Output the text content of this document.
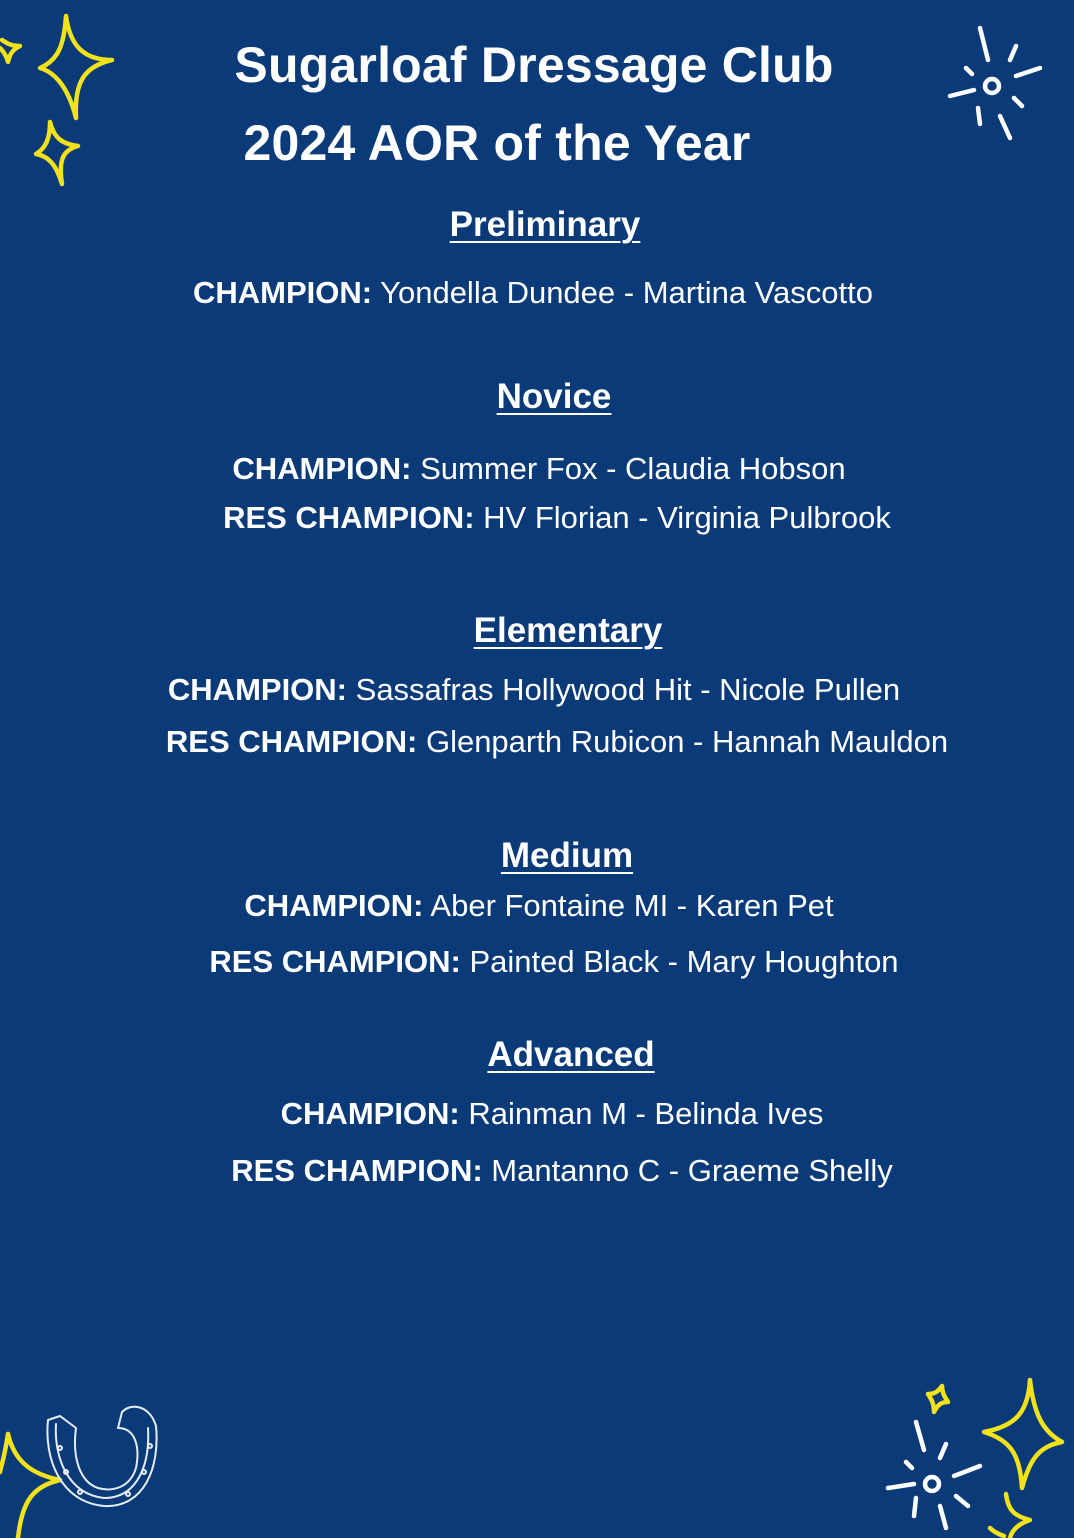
Sugarloaf Dressage Club
2024 AOR of the Year
Preliminary
CHAMPION: Yondella Dundee - Martina Vascotto
Novice
CHAMPION: Summer Fox - Claudia Hobson
RES CHAMPION: HV Florian - Virginia Pulbrook
Elementary
CHAMPION: Sassafras Hollywood Hit - Nicole Pullen
RES CHAMPION: Glenparth Rubicon - Hannah Mauldon
Medium
CHAMPION: Aber Fontaine MI - Karen Pet
RES CHAMPION: Painted Black - Mary Houghton
Advanced
CHAMPION: Rainman M - Belinda Ives
RES CHAMPION: Mantanno C - Graeme Shelly
